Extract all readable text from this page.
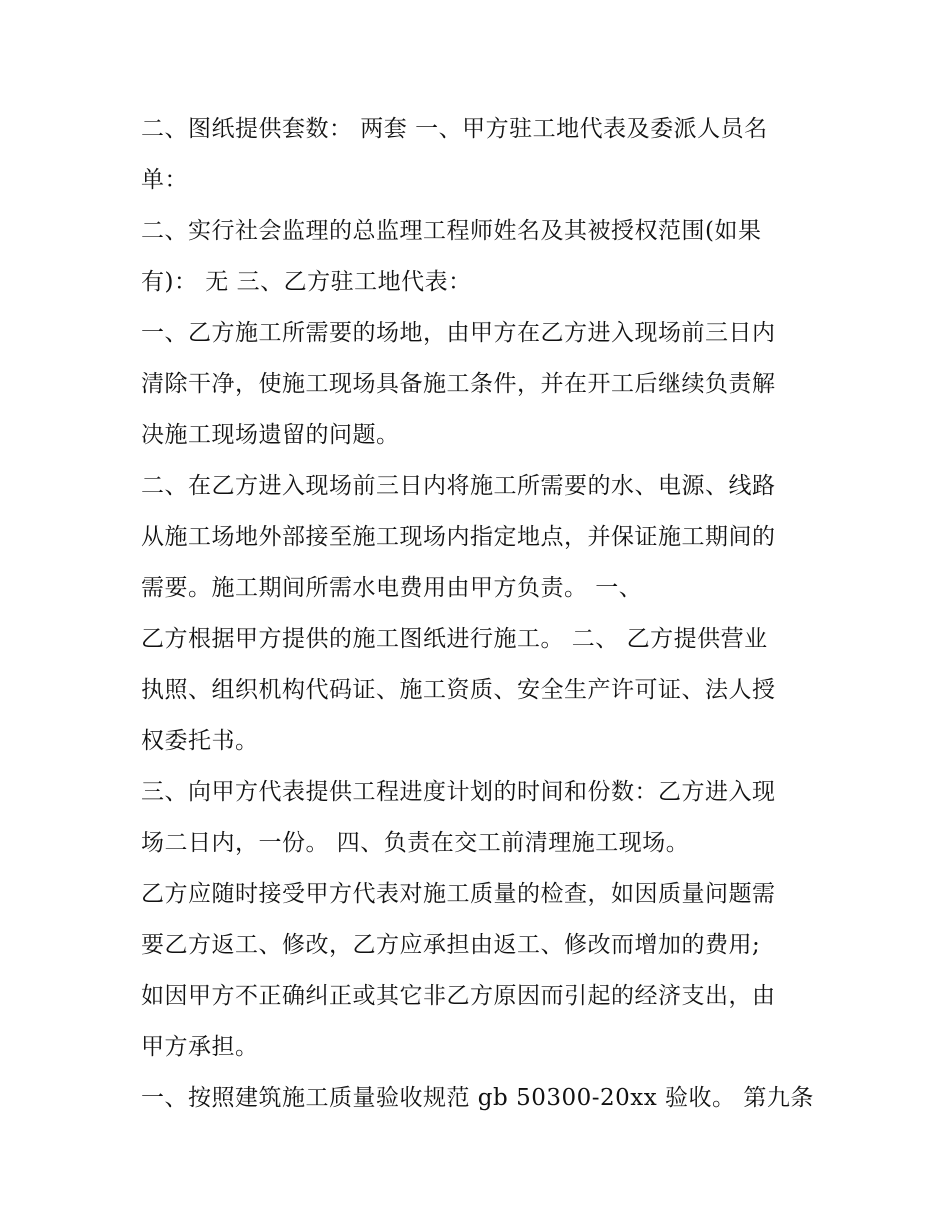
二、图纸提供套数： 两套 一、甲方驻工地代表及委派人员名
单：
二、实行社会监理的总监理工程师姓名及其被授权范围(如果
有)： 无 三、乙方驻工地代表：
一、乙方施工所需要的场地，由甲方在乙方进入现场前三日内
清除干净，使施工现场具备施工条件，并在开工后继续负责解
决施工现场遗留的问题。
二、在乙方进入现场前三日内将施工所需要的水、电源、线路
从施工场地外部接至施工现场内指定地点，并保证施工期间的
需要。施工期间所需水电费用由甲方负责。 一、
乙方根据甲方提供的施工图纸进行施工。 二、 乙方提供营业
执照、组织机构代码证、施工资质、安全生产许可证、法人授
权委托书。
三、向甲方代表提供工程进度计划的时间和份数：乙方进入现
场二日内，一份。 四、负责在交工前清理施工现场。
乙方应随时接受甲方代表对施工质量的检查，如因质量问题需
要乙方返工、修改，乙方应承担由返工、修改而增加的费用;
如因甲方不正确纠正或其它非乙方原因而引起的经济支出，由
甲方承担。
一、按照建筑施工质量验收规范 gb 50300-20xx 验收。 第九条
